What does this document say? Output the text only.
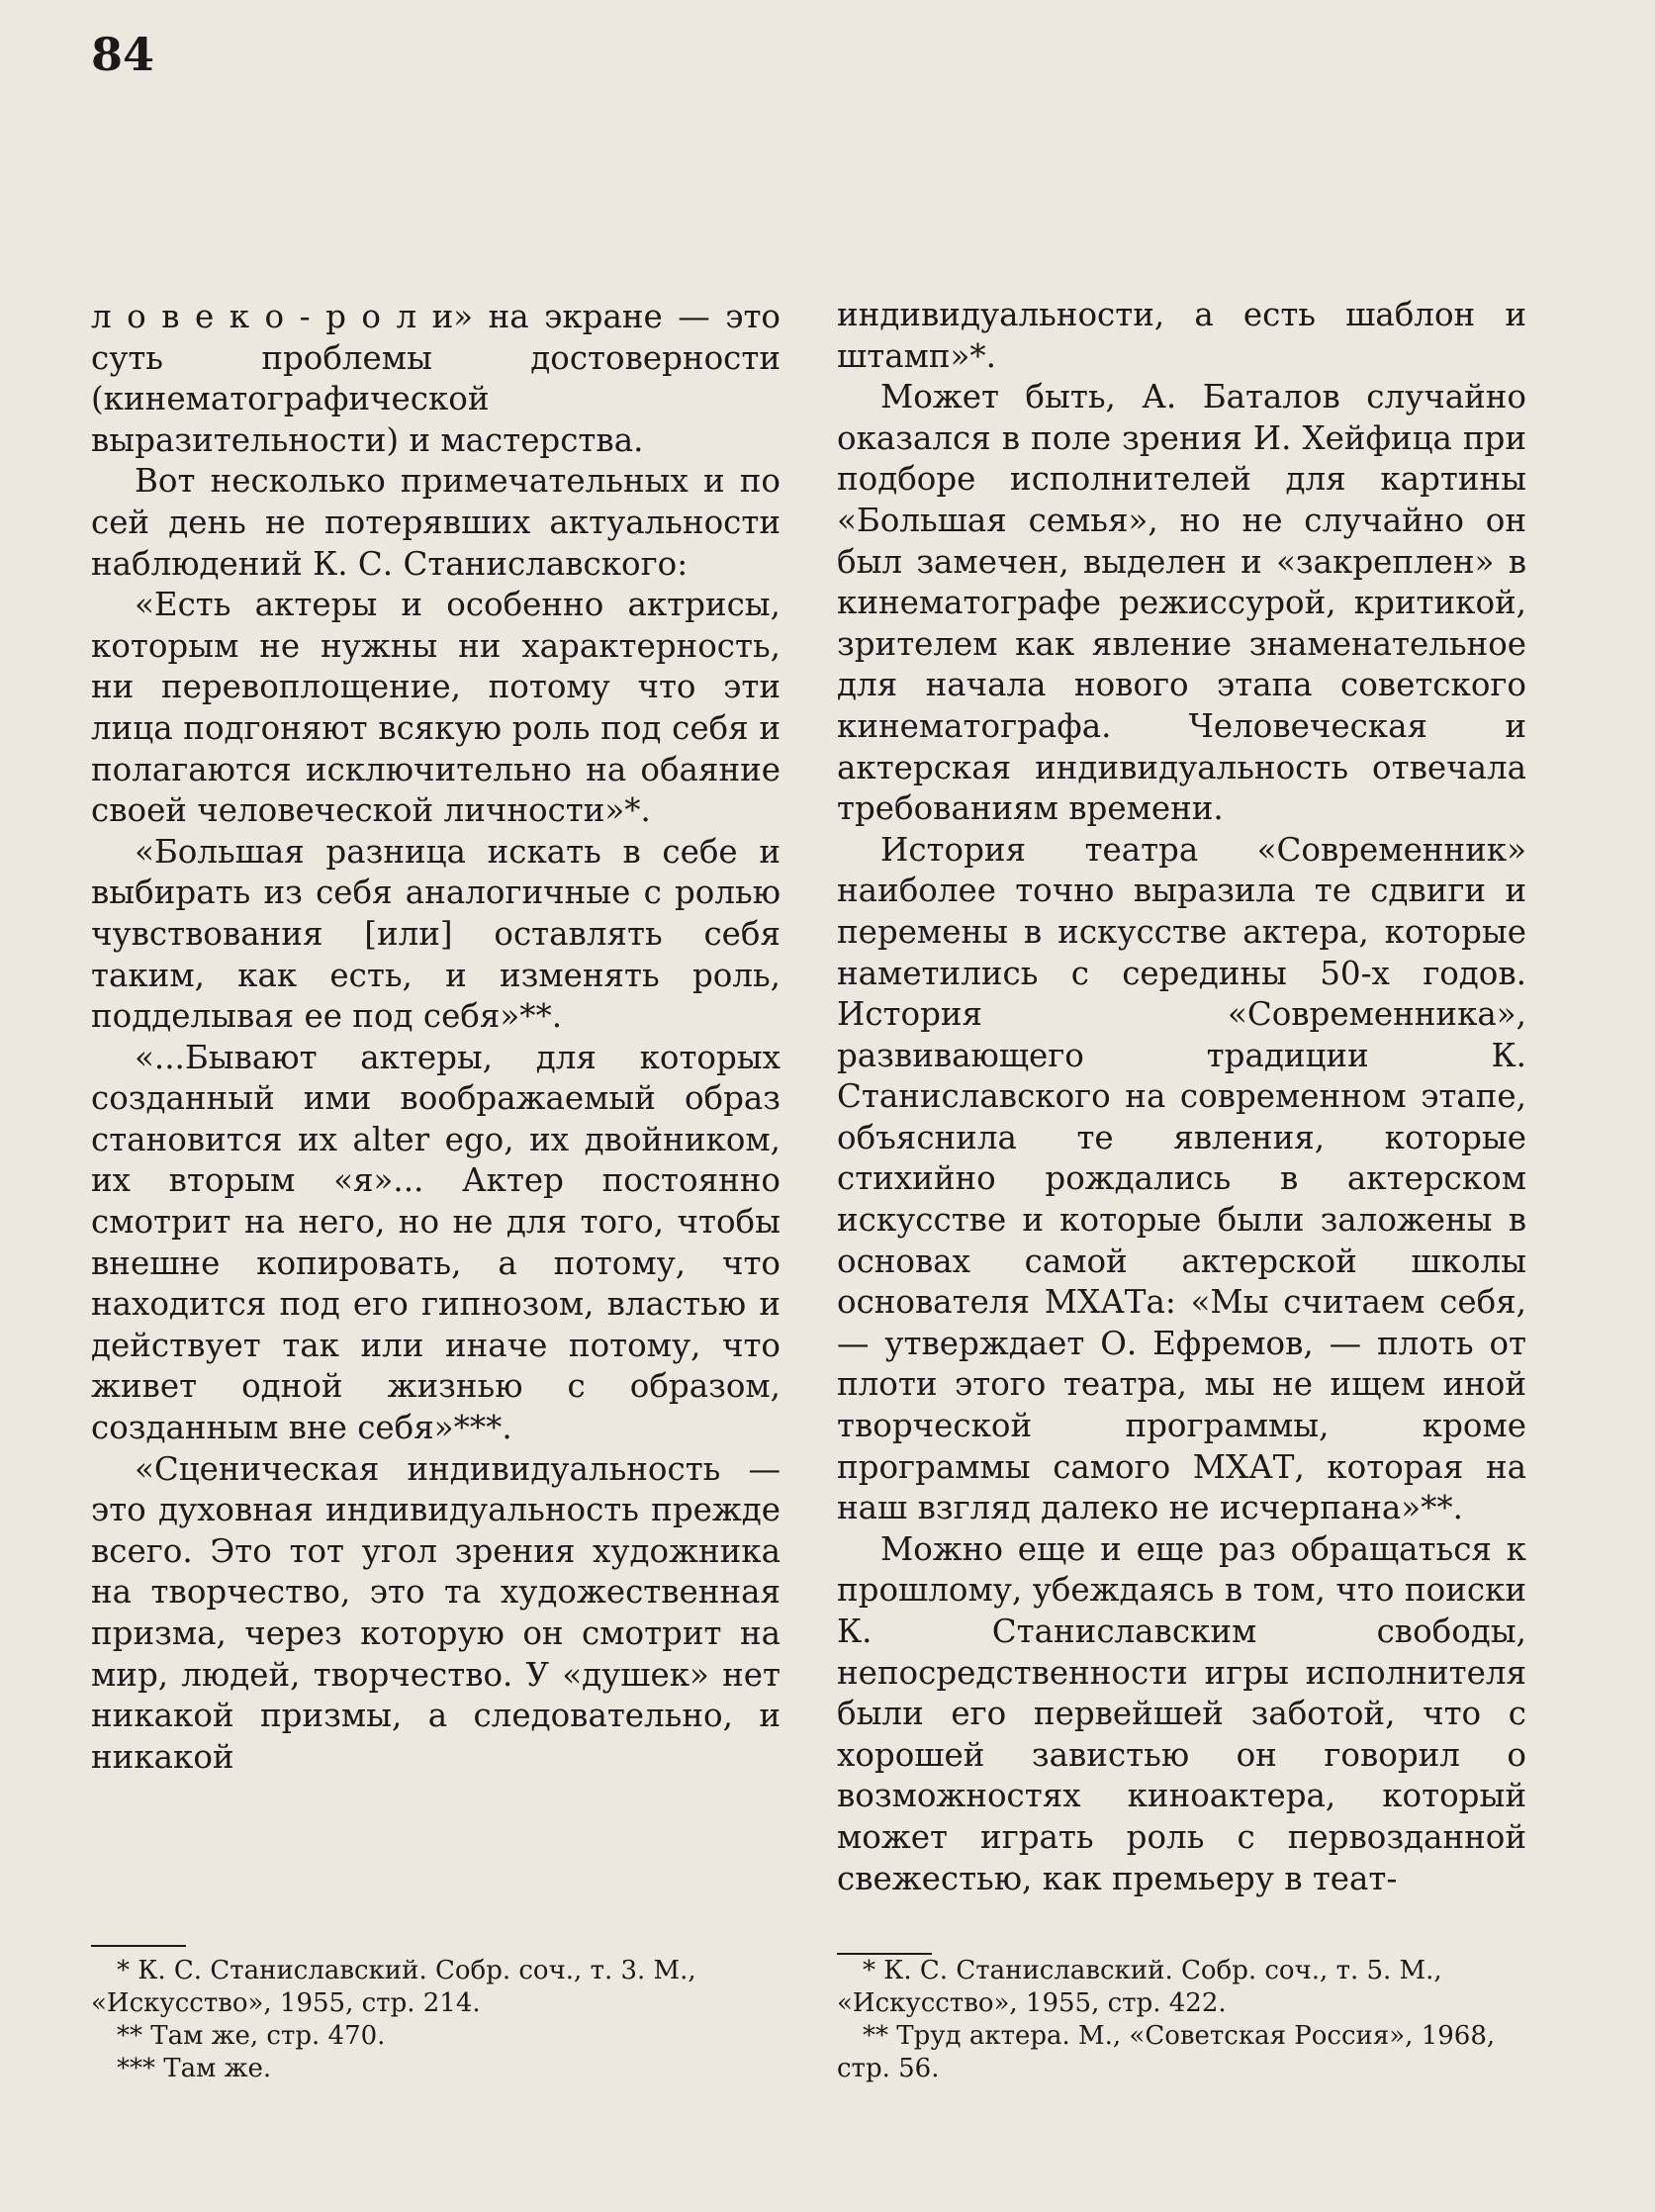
84

л о в е к о - р о л и» на экране — это суть проблемы достоверности (кинематографической выразительности) и мастерства.

Вот несколько примечательных и по сей день не потерявших актуальности наблюдений К. С. Станиславского:

«Есть актеры и особенно актрисы, которым не нужны ни характерность, ни перевоплощение, потому что эти лица подгоняют всякую роль под себя и полагаются исключительно на обаяние своей человеческой личности»*.

«Большая разница искать в себе и выбирать из себя аналогичные с ролью чувствования [или] оставлять себя таким, как есть, и изменять роль, подделывая ее под себя»**.

«...Бывают актеры, для которых созданный ими воображаемый образ становится их alter ego, их двойником, их вторым «я»... Актер постоянно смотрит на него, но не для того, чтобы внешне копировать, а потому, что находится под его гипнозом, властью и действует так или иначе потому, что живет одной жизнью с образом, созданным вне себя»***.

«Сценическая индивидуальность — это духовная индивидуальность прежде всего. Это тот угол зрения художника на творчество, это та художественная призма, через которую он смотрит на мир, людей, творчество. У «душек» нет никакой призмы, а следовательно, и никакой

индивидуальности, а есть шаблон и штамп»*.

Может быть, А. Баталов случайно оказался в поле зрения И. Хейфица при подборе исполнителей для картины «Большая семья», но не случайно он был замечен, выделен и «закреплен» в кинематографе режиссурой, критикой, зрителем как явление знаменательное для начала нового этапа советского кинематографа. Человеческая и актерская индивидуальность отвечала требованиям времени.

История театра «Современник» наиболее точно выразила те сдвиги и перемены в искусстве актера, которые наметились с середины 50-х годов. История «Современника», развивающего традиции К. Станиславского на современном этапе, объяснила те явления, которые стихийно рождались в актерском искусстве и которые были заложены в основах самой актерской школы основателя МХАТа: «Мы считаем себя, — утверждает О. Ефремов, — плоть от плоти этого театра, мы не ищем иной творческой программы, кроме программы самого МХАТ, которая на наш взгляд далеко не исчерпана»**.

Можно еще и еще раз обращаться к прошлому, убеждаясь в том, что поиски К. Станиславским свободы, непосредственности игры исполнителя были его первейшей заботой, что с хорошей завистью он говорил о возможностях киноактера, который может играть роль с первозданной свежестью, как премьеру в теат-

* К. С. Станиславский. Собр. соч., т. 3. М., «Искусство», 1955, стр. 214.

** Там же, стр. 470.

*** Там же.

* К. С. Станиславский. Собр. соч., т. 5. М., «Искусство», 1955, стр. 422.

** Труд актера. М., «Советская Россия», 1968, стр. 56.
